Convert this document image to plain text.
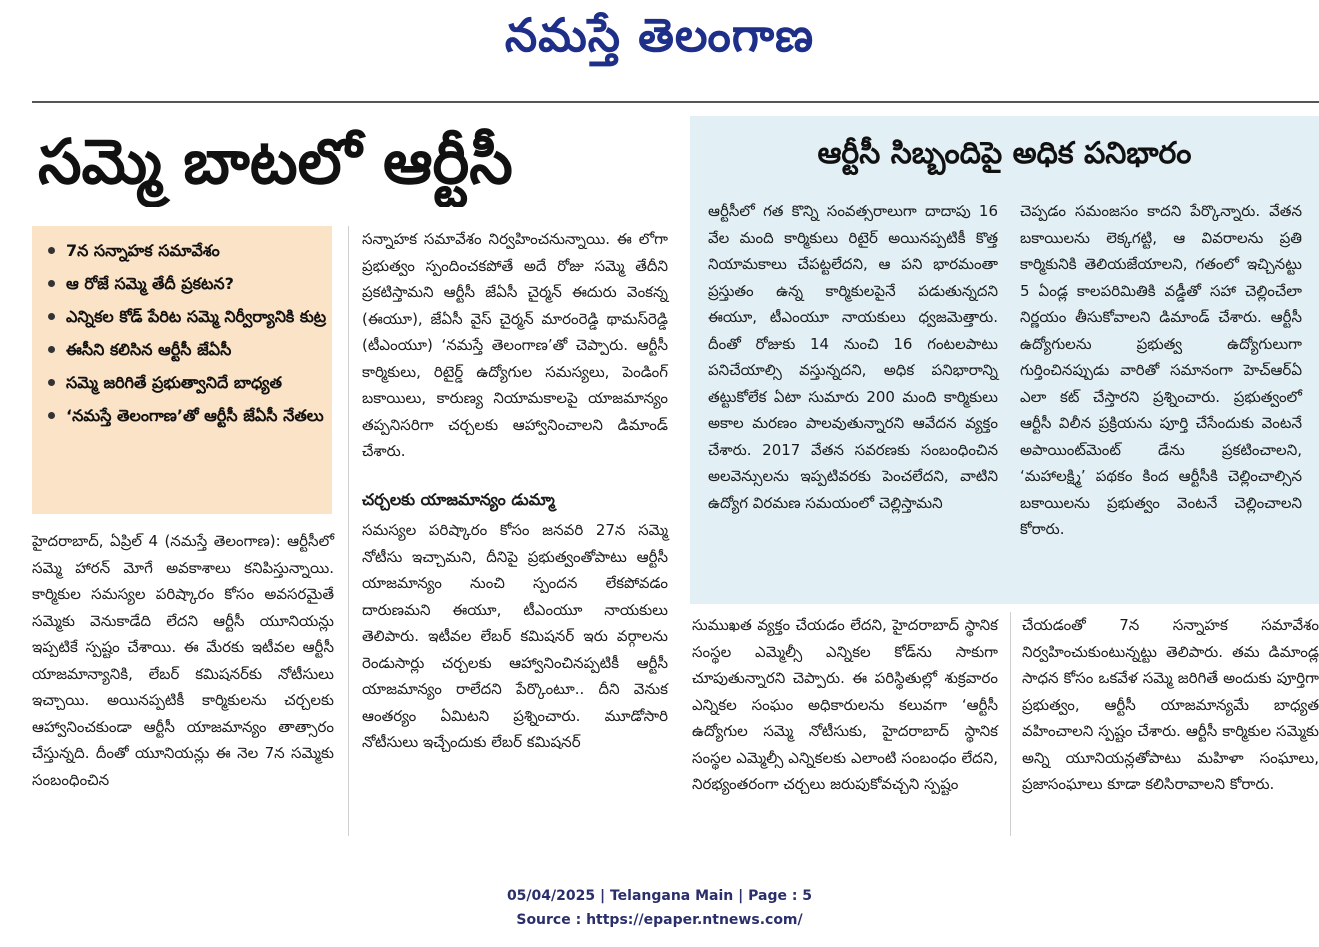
నమస్తే తెలంగాణ
సమ్మె బాటలో ఆర్టీసీ
7న సన్నాహక సమావేశం
ఆ రోజే సమ్మె తేదీ ప్రకటన?
ఎన్నికల కోడ్ పేరిట సమ్మె నిర్వీర్యానికి కుట్ర
ఈసీని కలిసిన ఆర్టీసీ జేఏసీ
సమ్మె జరిగితే ప్రభుత్వానిదే బాధ్యత
‘నమస్తే తెలంగాణ’తో ఆర్టీసీ జేఏసీ నేతలు

హైదరాబాద్, ఏప్రిల్ 4 (నమస్తే తెలంగాణ): ఆర్టీసీలో సమ్మె హారన్ మోగే అవకాశాలు కనిపిస్తున్నాయి. కార్మికుల సమస్యల పరిష్కారం కోసం అవసరమైతే సమ్మెకు వెనుకాడేది లేదని ఆర్టీసీ యూనియన్లు ఇప్పటికే స్పష్టం చేశాయి. ఈ మేరకు ఇటీవల ఆర్టీసీ యాజమాన్యానికి, లేబర్ కమిషనర్‌కు నోటీసులు ఇచ్చాయి. అయినప్పటికీ కార్మికులను చర్చలకు ఆహ్వానించకుండా ఆర్టీసీ యాజమాన్యం తాత్సారం చేస్తున్నది. దీంతో యూనియన్లు ఈ నెల 7న సమ్మెకు సంబంధించిన

సన్నాహక సమావేశం నిర్వహించనున్నాయి. ఈ లోగా ప్రభుత్వం స్పందించకపోతే అదే రోజు సమ్మె తేదీని ప్రకటిస్తామని ఆర్టీసీ జేఏసీ చైర్మన్ ఈదురు వెంకన్న (ఈయూ), జేఏసీ వైస్ చైర్మన్ మారంరెడ్డి థామస్‌రెడ్డి (టీఎంయూ) ‘నమస్తే తెలంగాణ’తో చెప్పారు. ఆర్టీసీ కార్మికులు, రిటైర్డ్ ఉద్యోగుల సమస్యలు, పెండింగ్ బకాయిలు, కారుణ్య నియామకాలపై యాజమాన్యం తప్పనిసరిగా చర్చలకు ఆహ్వానించాలని డిమాండ్ చేశారు.

చర్చలకు యాజమాన్యం డుమ్మా

సమస్యల పరిష్కారం కోసం జనవరి 27న సమ్మె నోటీసు ఇచ్చామని, దీనిపై ప్రభుత్వంతోపాటు ఆర్టీసీ యాజమాన్యం నుంచి స్పందన లేకపోవడం దారుణమని ఈయూ, టీఎంయూ నాయకులు తెలిపారు. ఇటీవల లేబర్ కమిషనర్ ఇరు వర్గాలను రెండుసార్లు చర్చలకు ఆహ్వానించినప్పటికీ ఆర్టీసీ యాజమాన్యం రాలేదని పేర్కొంటూ.. దీని వెనుక ఆంతర్యం ఏమిటని ప్రశ్నించారు. మూడోసారి నోటీసులు ఇచ్చేందుకు లేబర్ కమిషనర్

ఆర్టీసీ సిబ్బందిపై అధిక పనిభారం
ఆర్టీసీలో గత కొన్ని సంవత్సరాలుగా దాదాపు 16 వేల మంది కార్మికులు రిటైర్ అయినప్పటికీ కొత్త నియామకాలు చేపట్టలేదని, ఆ పని భారమంతా ప్రస్తుతం ఉన్న కార్మికులపైనే పడుతున్నదని ఈయూ, టీఎంయూ నాయకులు ధ్వజమెత్తారు. దీంతో రోజుకు 14 నుంచి 16 గంటలపాటు పనిచేయాల్సి వస్తున్నదని, అధిక పనిభారాన్ని తట్టుకోలేక ఏటా సుమారు 200 మంది కార్మికులు అకాల మరణం పాలవుతున్నారని ఆవేదన వ్యక్తం చేశారు. 2017 వేతన సవరణకు సంబంధించిన అలవెన్సులను ఇప్పటివరకు పెంచలేదని, వాటిని ఉద్యోగ విరమణ సమయంలో చెల్లిస్తామని
చెప్పడం సమంజసం కాదని పేర్కొన్నారు. వేతన బకాయిలను లెక్కగట్టి, ఆ వివరాలను ప్రతి కార్మికునికి తెలియజేయాలని, గతంలో ఇచ్చినట్టు 5 ఏండ్ల కాలపరిమితికి వడ్డీతో సహా చెల్లించేలా నిర్ణయం తీసుకోవాలని డిమాండ్ చేశారు. ఆర్టీసీ ఉద్యోగులను ప్రభుత్వ ఉద్యోగులుగా గుర్తించినప్పుడు వారితో సమానంగా హెచ్‌ఆర్‌ఏ ఎలా కట్ చేస్తారని ప్రశ్నించారు. ప్రభుత్వంలో ఆర్టీసీ విలీన ప్రక్రియను పూర్తి చేసేందుకు వెంటనే అపాయింట్‌మెంట్ డేను ప్రకటించాలని, ‘మహాలక్ష్మి’ పథకం కింద ఆర్టీసీకి చెల్లించాల్సిన బకాయిలను ప్రభుత్వం వెంటనే చెల్లించాలని కోరారు.

సుముఖత వ్యక్తం చేయడం లేదని, హైదరాబాద్ స్థానిక సంస్థల ఎమ్మెల్సీ ఎన్నికల కోడ్‌ను సాకుగా చూపుతున్నారని చెప్పారు. ఈ పరిస్థితుల్లో శుక్రవారం ఎన్నికల సంఘం అధికారులను కలువగా ‘ఆర్టీసీ ఉద్యోగుల సమ్మె నోటీసుకు, హైదరాబాద్ స్థానిక సంస్థల ఎమ్మెల్సీ ఎన్నికలకు ఎలాంటి సంబంధం లేదని, నిరభ్యంతరంగా చర్చలు జరుపుకోవచ్చని స్పష్టం

చేయడంతో 7న సన్నాహక సమావేశం నిర్వహించుకుంటున్నట్టు తెలిపారు. తమ డిమాండ్ల సాధన కోసం ఒకవేళ సమ్మె జరిగితే అందుకు పూర్తిగా ప్రభుత్వం, ఆర్టీసీ యాజమాన్యమే బాధ్యత వహించాలని స్పష్టం చేశారు. ఆర్టీసీ కార్మికుల సమ్మెకు అన్ని యూనియన్లతోపాటు మహిళా సంఘాలు, ప్రజాసంఘాలు కూడా కలిసిరావాలని కోరారు.

05/04/2025 | Telangana Main | Page : 5
Source : https://epaper.ntnews.com/
